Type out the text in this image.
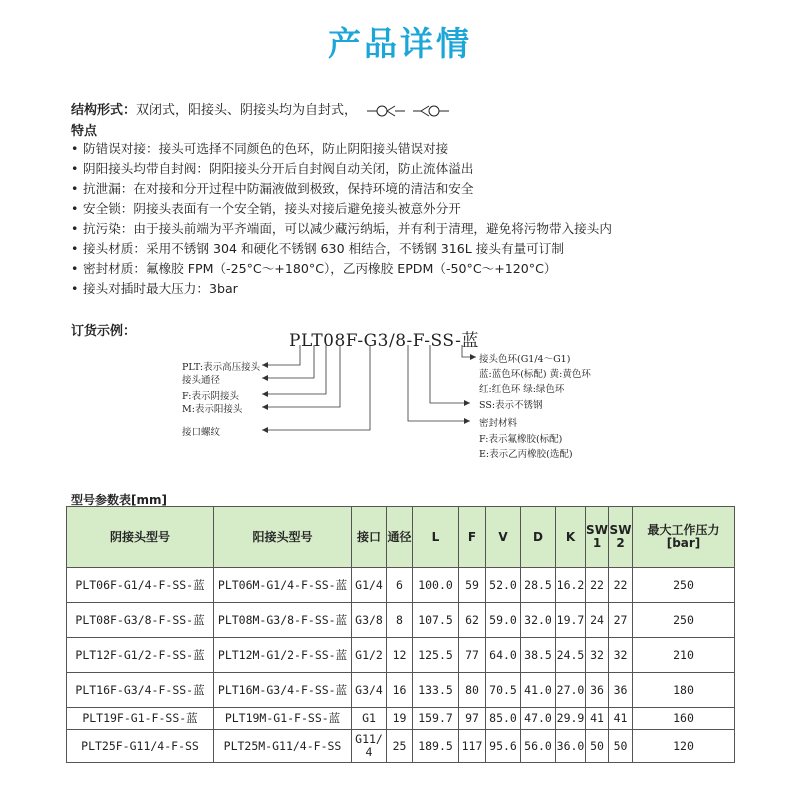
产品详情
结构形式：双闭式，阳接头、阴接头均为自封式，
特点
• 防错误对接：接头可选择不同颜色的色环，防止阴阳接头错误对接
• 阴阳接头均带自封阀：阴阳接头分开后自封阀自动关闭，防止流体溢出
• 抗泄漏：在对接和分开过程中防漏液做到极致，保持环境的清洁和安全
• 安全锁：阴接头表面有一个安全销，接头对接后避免接头被意外分开
• 抗污染：由于接头前端为平齐端面，可以减少藏污纳垢，并有利于清理，避免将污物带入接头内
• 接头材质：采用不锈钢 304 和硬化不锈钢 630 相结合，不锈钢 316L 接头有量可订制
• 密封材质：氟橡胶 FPM（-25°C～+180°C），乙丙橡胶 EPDM（-50°C～+120°C）
• 接头对插时最大压力：3bar
订货示例：	PLT08F-G3/8-F-SS-蓝
PLT:表示高压接头
接头通径
F:表示阴接头
M:表示阳接头
接口螺纹
接头色环(G1/4～G1)
蓝:蓝色环(标配) 黄:黄色环
红:红色环 绿:绿色环
SS:表示不锈钢
密封材料
F:表示氟橡胶(标配)
E:表示乙丙橡胶(选配)
型号参数表[mm]
阴接头型号	阳接头型号	接口	通径	L	F	V	D	K	SW 1	SW 2	最大工作压力 [bar]
PLT06F-G1/4-F-SS-蓝	PLT06M-G1/4-F-SS-蓝	G1/4	6	100.0	59	52.0	28.5	16.2	22	22	250
PLT08F-G3/8-F-SS-蓝	PLT08M-G3/8-F-SS-蓝	G3/8	8	107.5	62	59.0	32.0	19.7	24	27	250
PLT12F-G1/2-F-SS-蓝	PLT12M-G1/2-F-SS-蓝	G1/2	12	125.5	77	64.0	38.5	24.5	32	32	210
PLT16F-G3/4-F-SS-蓝	PLT16M-G3/4-F-SS-蓝	G3/4	16	133.5	80	70.5	41.0	27.0	36	36	180
PLT19F-G1-F-SS-蓝	PLT19M-G1-F-SS-蓝	G1	19	159.7	97	85.0	47.0	29.9	41	41	160
PLT25F-G11/4-F-SS	PLT25M-G11/4-F-SS	G11/4	25	189.5	117	95.6	56.0	36.0	50	50	120
